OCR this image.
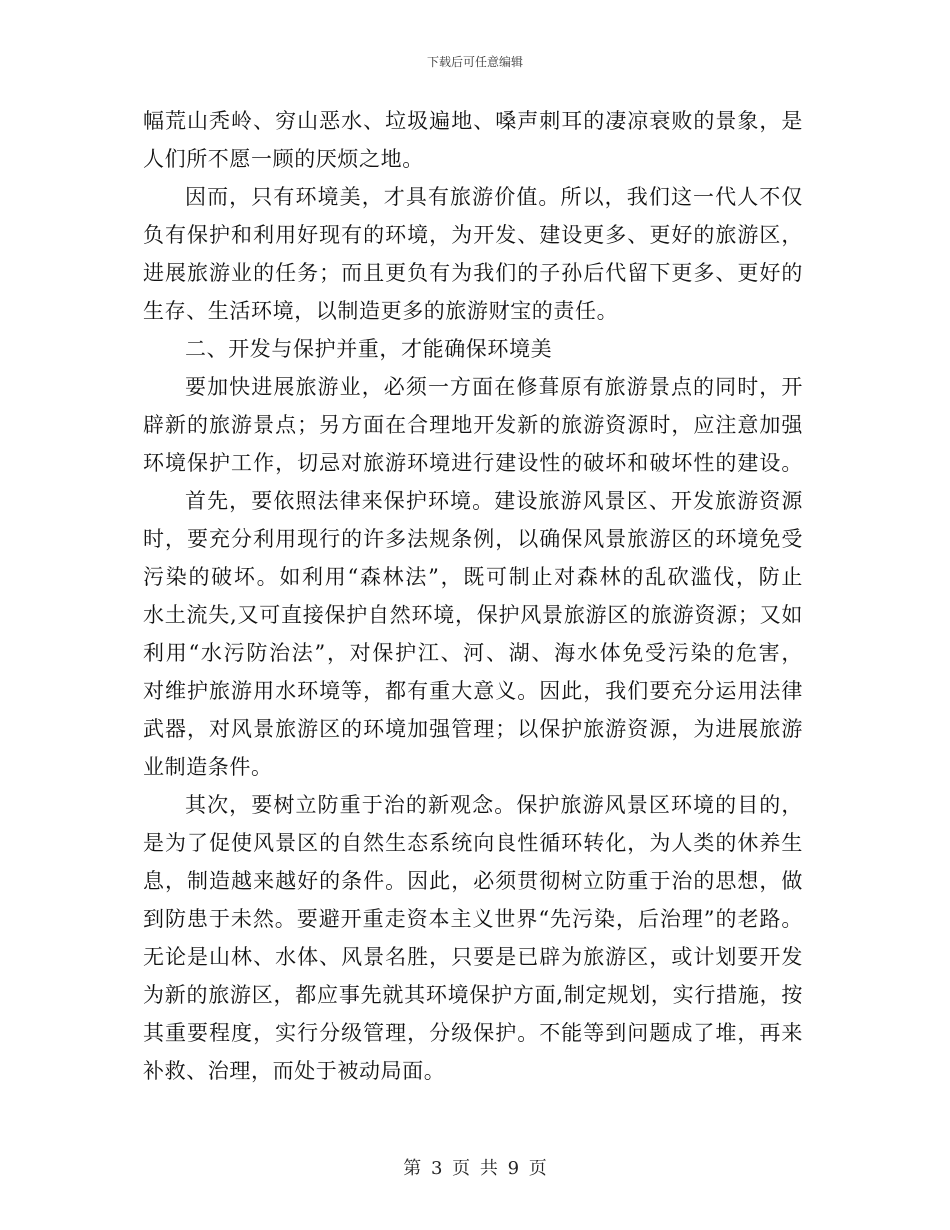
下载后可任意编辑
幅荒山秃岭、穷山恶水、垃圾遍地、嗓声刺耳的凄凉衰败的景象，是
人们所不愿一顾的厌烦之地。
因而，只有环境美，才具有旅游价值。所以，我们这一代人不仅
负有保护和利用好现有的环境，为开发、建设更多、更好的旅游区，
进展旅游业的任务；而且更负有为我们的子孙后代留下更多、更好的
生存、生活环境，以制造更多的旅游财宝的责任。
二、开发与保护并重，才能确保环境美
要加快进展旅游业，必须一方面在修葺原有旅游景点的同时，开
辟新的旅游景点；另方面在合理地开发新的旅游资源时，应注意加强
环境保护工作，切忌对旅游环境进行建设性的破坏和破坏性的建设。
首先，要依照法律来保护环境。建设旅游风景区、开发旅游资源
时，要充分利用现行的许多法规条例，以确保风景旅游区的环境免受
污染的破坏。如利用“森林法”，既可制止对森林的乱砍滥伐，防止
水土流失,又可直接保护自然环境，保护风景旅游区的旅游资源；又如
利用“水污防治法”，对保护江、河、湖、海水体免受污染的危害，
对维护旅游用水环境等，都有重大意义。因此，我们要充分运用法律
武器，对风景旅游区的环境加强管理；以保护旅游资源，为进展旅游
业制造条件。
其次，要树立防重于治的新观念。保护旅游风景区环境的目的，
是为了促使风景区的自然生态系统向良性循环转化，为人类的休养生
息，制造越来越好的条件。因此，必须贯彻树立防重于治的思想，做
到防患于未然。要避开重走资本主义世界“先污染，后治理”的老路。
无论是山林、水体、风景名胜，只要是已辟为旅游区，或计划要开发
为新的旅游区，都应事先就其环境保护方面,制定规划，实行措施，按
其重要程度，实行分级管理，分级保护。不能等到问题成了堆，再来
补救、治理，而处于被动局面。
第 3 页 共 9 页
